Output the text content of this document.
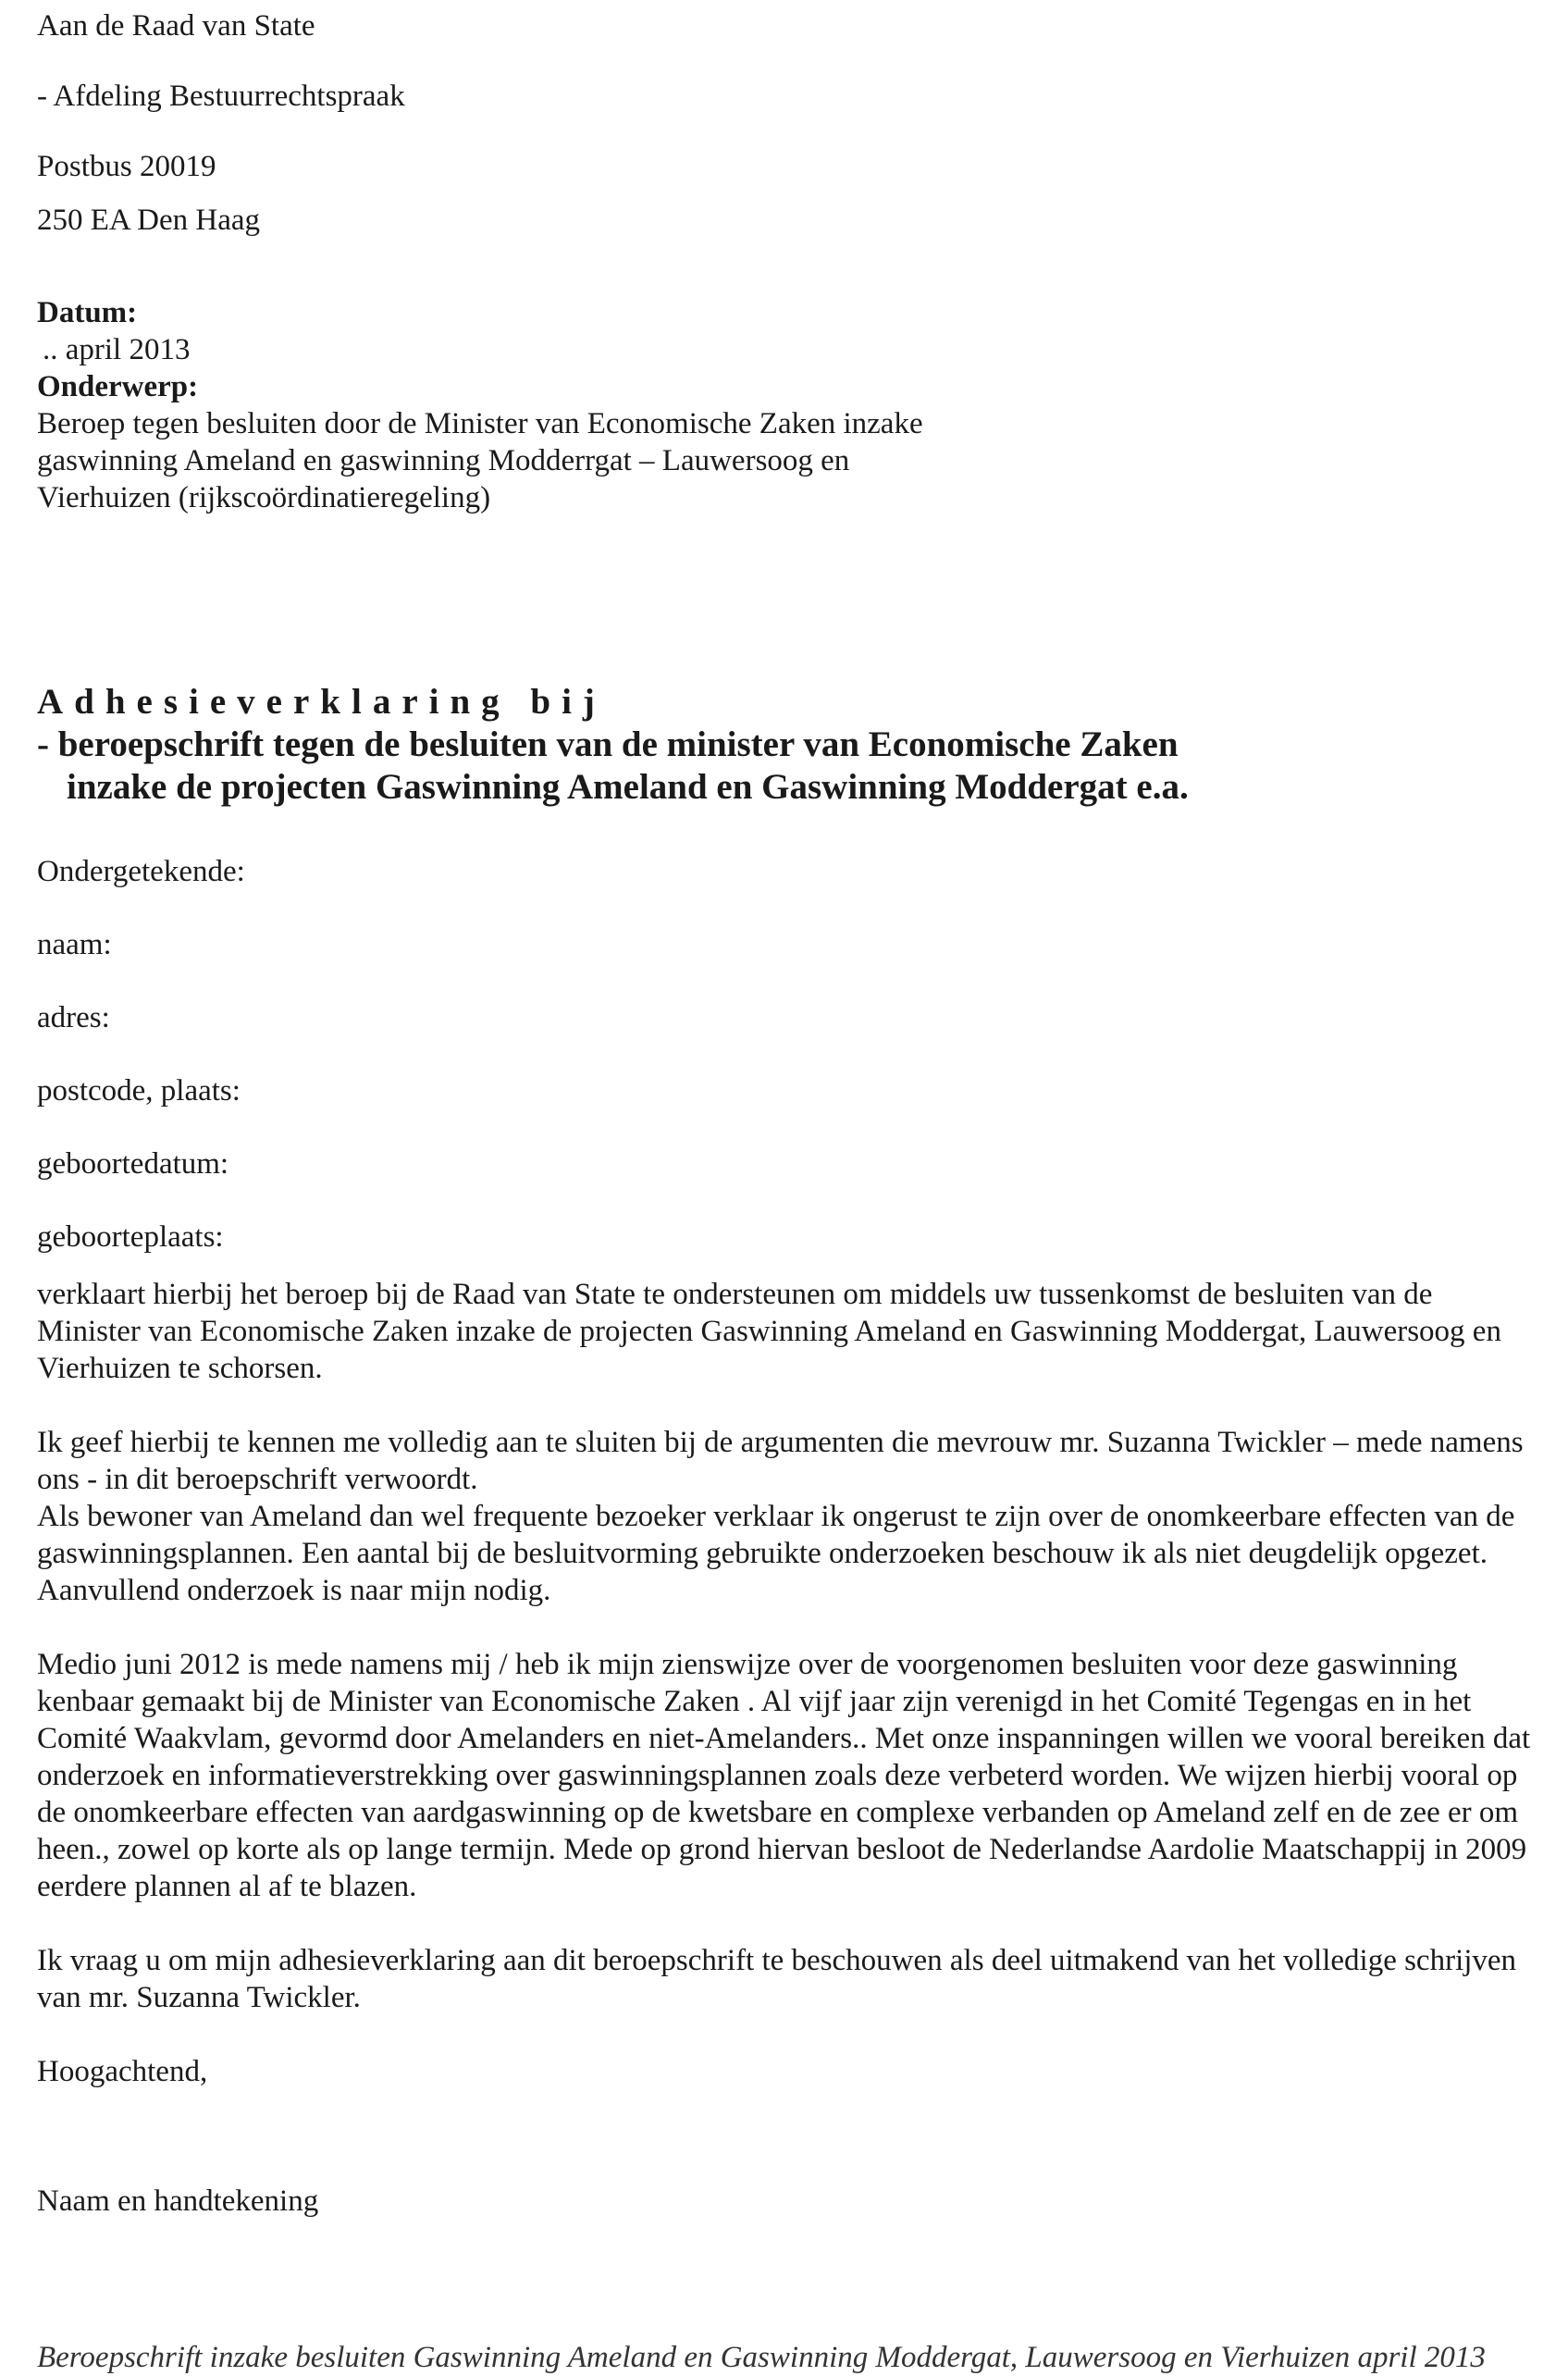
Aan de Raad van State

- Afdeling Bestuurrechtspraak

Postbus 20019

250 EA Den Haag

Datum:

.. april 2013

Onderwerp:

Beroep tegen besluiten door de Minister van Economische Zaken inzake

gaswinning Ameland en gaswinning Modderrgat – Lauwersoog en

Vierhuizen (rijkscoördinatieregeling)

Adhesieverklaring bij

- beroepschrift tegen de besluiten van de minister van Economische Zaken

inzake de projecten Gaswinning Ameland en Gaswinning Moddergat e.a.

Ondergetekende:

naam:

adres:

postcode, plaats:

geboortedatum:

geboorteplaats:

verklaart hierbij het beroep bij de Raad van State te ondersteunen om middels uw tussenkomst de besluiten van de Minister van Economische Zaken inzake de projecten Gaswinning Ameland en Gaswinning Moddergat, Lauwersoog en Vierhuizen te schorsen.

Ik geef hierbij te kennen me volledig aan te sluiten bij de argumenten die mevrouw mr. Suzanna Twickler – mede namens ons - in dit beroepschrift verwoordt.

Als bewoner van Ameland dan wel frequente bezoeker verklaar ik ongerust te zijn over de onomkeerbare effecten van de gaswinningsplannen. Een aantal bij de besluitvorming gebruikte onderzoeken beschouw ik als niet deugdelijk opgezet. Aanvullend onderzoek is naar mijn nodig.

Medio juni 2012 is mede namens mij / heb ik mijn zienswijze over de voorgenomen besluiten voor deze gaswinning kenbaar gemaakt bij de Minister van Economische Zaken . Al vijf jaar zijn verenigd in het Comité Tegengas en in het Comité Waakvlam, gevormd door Amelanders en niet-Amelanders.. Met onze inspanningen willen we vooral bereiken dat onderzoek en informatieverstrekking over gaswinningsplannen zoals deze verbeterd worden. We wijzen hierbij vooral op de onomkeerbare effecten van aardgaswinning op de kwetsbare en complexe verbanden op Ameland zelf en de zee er om heen., zowel op korte als op lange termijn. Mede op grond hiervan besloot de Nederlandse Aardolie Maatschappij in 2009 eerdere plannen al af te blazen.

Ik vraag u om mijn adhesieverklaring aan dit beroepschrift te beschouwen als deel uitmakend van het volledige schrijven van mr. Suzanna Twickler.

Hoogachtend,

Naam en handtekening

Beroepschrift inzake besluiten Gaswinning Ameland en Gaswinning Moddergat, Lauwersoog en Vierhuizen april 2013
